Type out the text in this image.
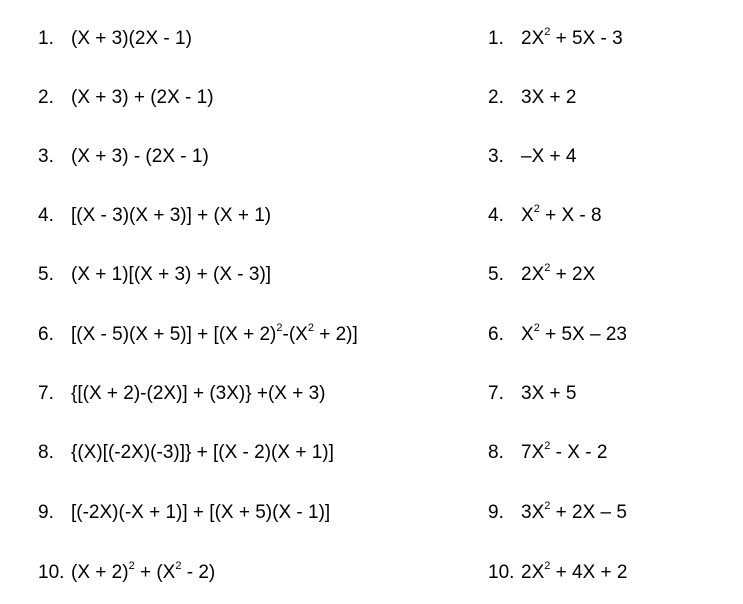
1. (X + 3)(2X - 1)
2. (X + 3) + (2X - 1)
3. (X + 3) - (2X - 1)
4. [(X - 3)(X + 3)] + (X + 1)
5. (X + 1)[(X + 3) + (X - 3)]
6. $[(X - 5)(X + 5)] + [(X + 2)^2-(X^2 + 2)]$
7. {[(X + 2)-(2X)] + (3X)} +(X + 3)
8. {(X)[(-2X)(-3)]} + [(X - 2)(X + 1)]
9. [(-2X)(-X + 1)] + [(X + 5)(X - 1)]
10. $(X + 2)^2 + (X^2 - 2)$
1. $2X^2 + 5X - 3$
2. 3X + 2
3. –X + 4
4. $X^2 + X - 8$
5. $2X^2 + 2X$
6. $X^2 + 5X - 23$
7. 3X + 5
8. $7X^2$ - X - 2
9. $3X^2 + 2X - 5$
10. $2X^2 + 4X + 2$
